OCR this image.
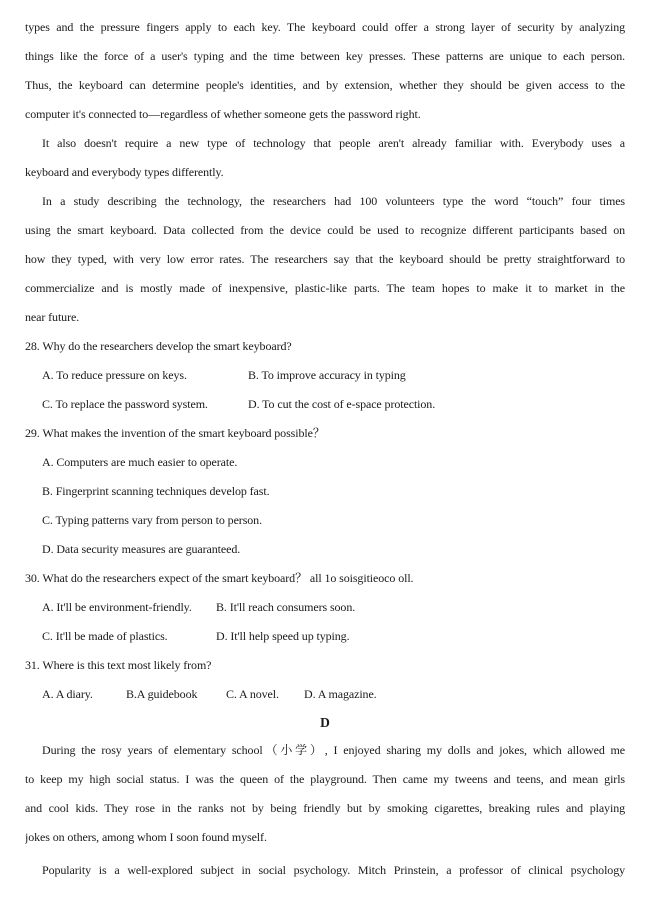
types and the pressure fingers apply to each key. The keyboard could offer a strong layer of security by analyzing
things like the force of a user's typing and the time between key presses. These patterns are unique to each person.
Thus, the keyboard can determine people's identities, and by extension, whether they should be given access to the
computer it's connected to—regardless of whether someone gets the password right.
It also doesn't require a new type of technology that people aren't already familiar with. Everybody uses a
keyboard and everybody types differently.
In a study describing the technology, the researchers had 100 volunteers type the word “touch” four times
using the smart keyboard. Data collected from the device could be used to recognize different participants based on
how they typed, with very low error rates. The researchers say that the keyboard should be pretty straightforward to
commercialize and is mostly made of inexpensive, plastic-like parts. The team hopes to make it to market in the
near future.
28. Why do the researchers develop the smart keyboard?
A. To reduce pressure on keys.	B. To improve accuracy in typing
C. To replace the password system.	D. To cut the cost of e-space protection.
29. What makes the invention of the smart keyboard possible？
A. Computers are much easier to operate.
B. Fingerprint scanning techniques develop fast.
C. Typing patterns vary from person to person.
D. Data security measures are guaranteed.
30. What do the researchers expect of the smart keyboard？ all 1o soisgitieoco oll.
A. It'll be environment-friendly. B. It'll reach consumers soon.
C. It'll be made of plastics.	D. It'll help speed up typing.
31. Where is this text most likely from?
A. A diary.	B.A guidebook C. A novel. D. A magazine.
D
During the rosy years of elementary school（小学）, I enjoyed sharing my dolls and jokes, which allowed me
to keep my high social status. I was the queen of the playground. Then came my tweens and teens, and mean girls
and cool kids. They rose in the ranks not by being friendly but by smoking cigarettes, breaking rules and playing
jokes on others, among whom I soon found myself.
Popularity is a well-explored subject in social psychology. Mitch Prinstein, a professor of clinical psychology
